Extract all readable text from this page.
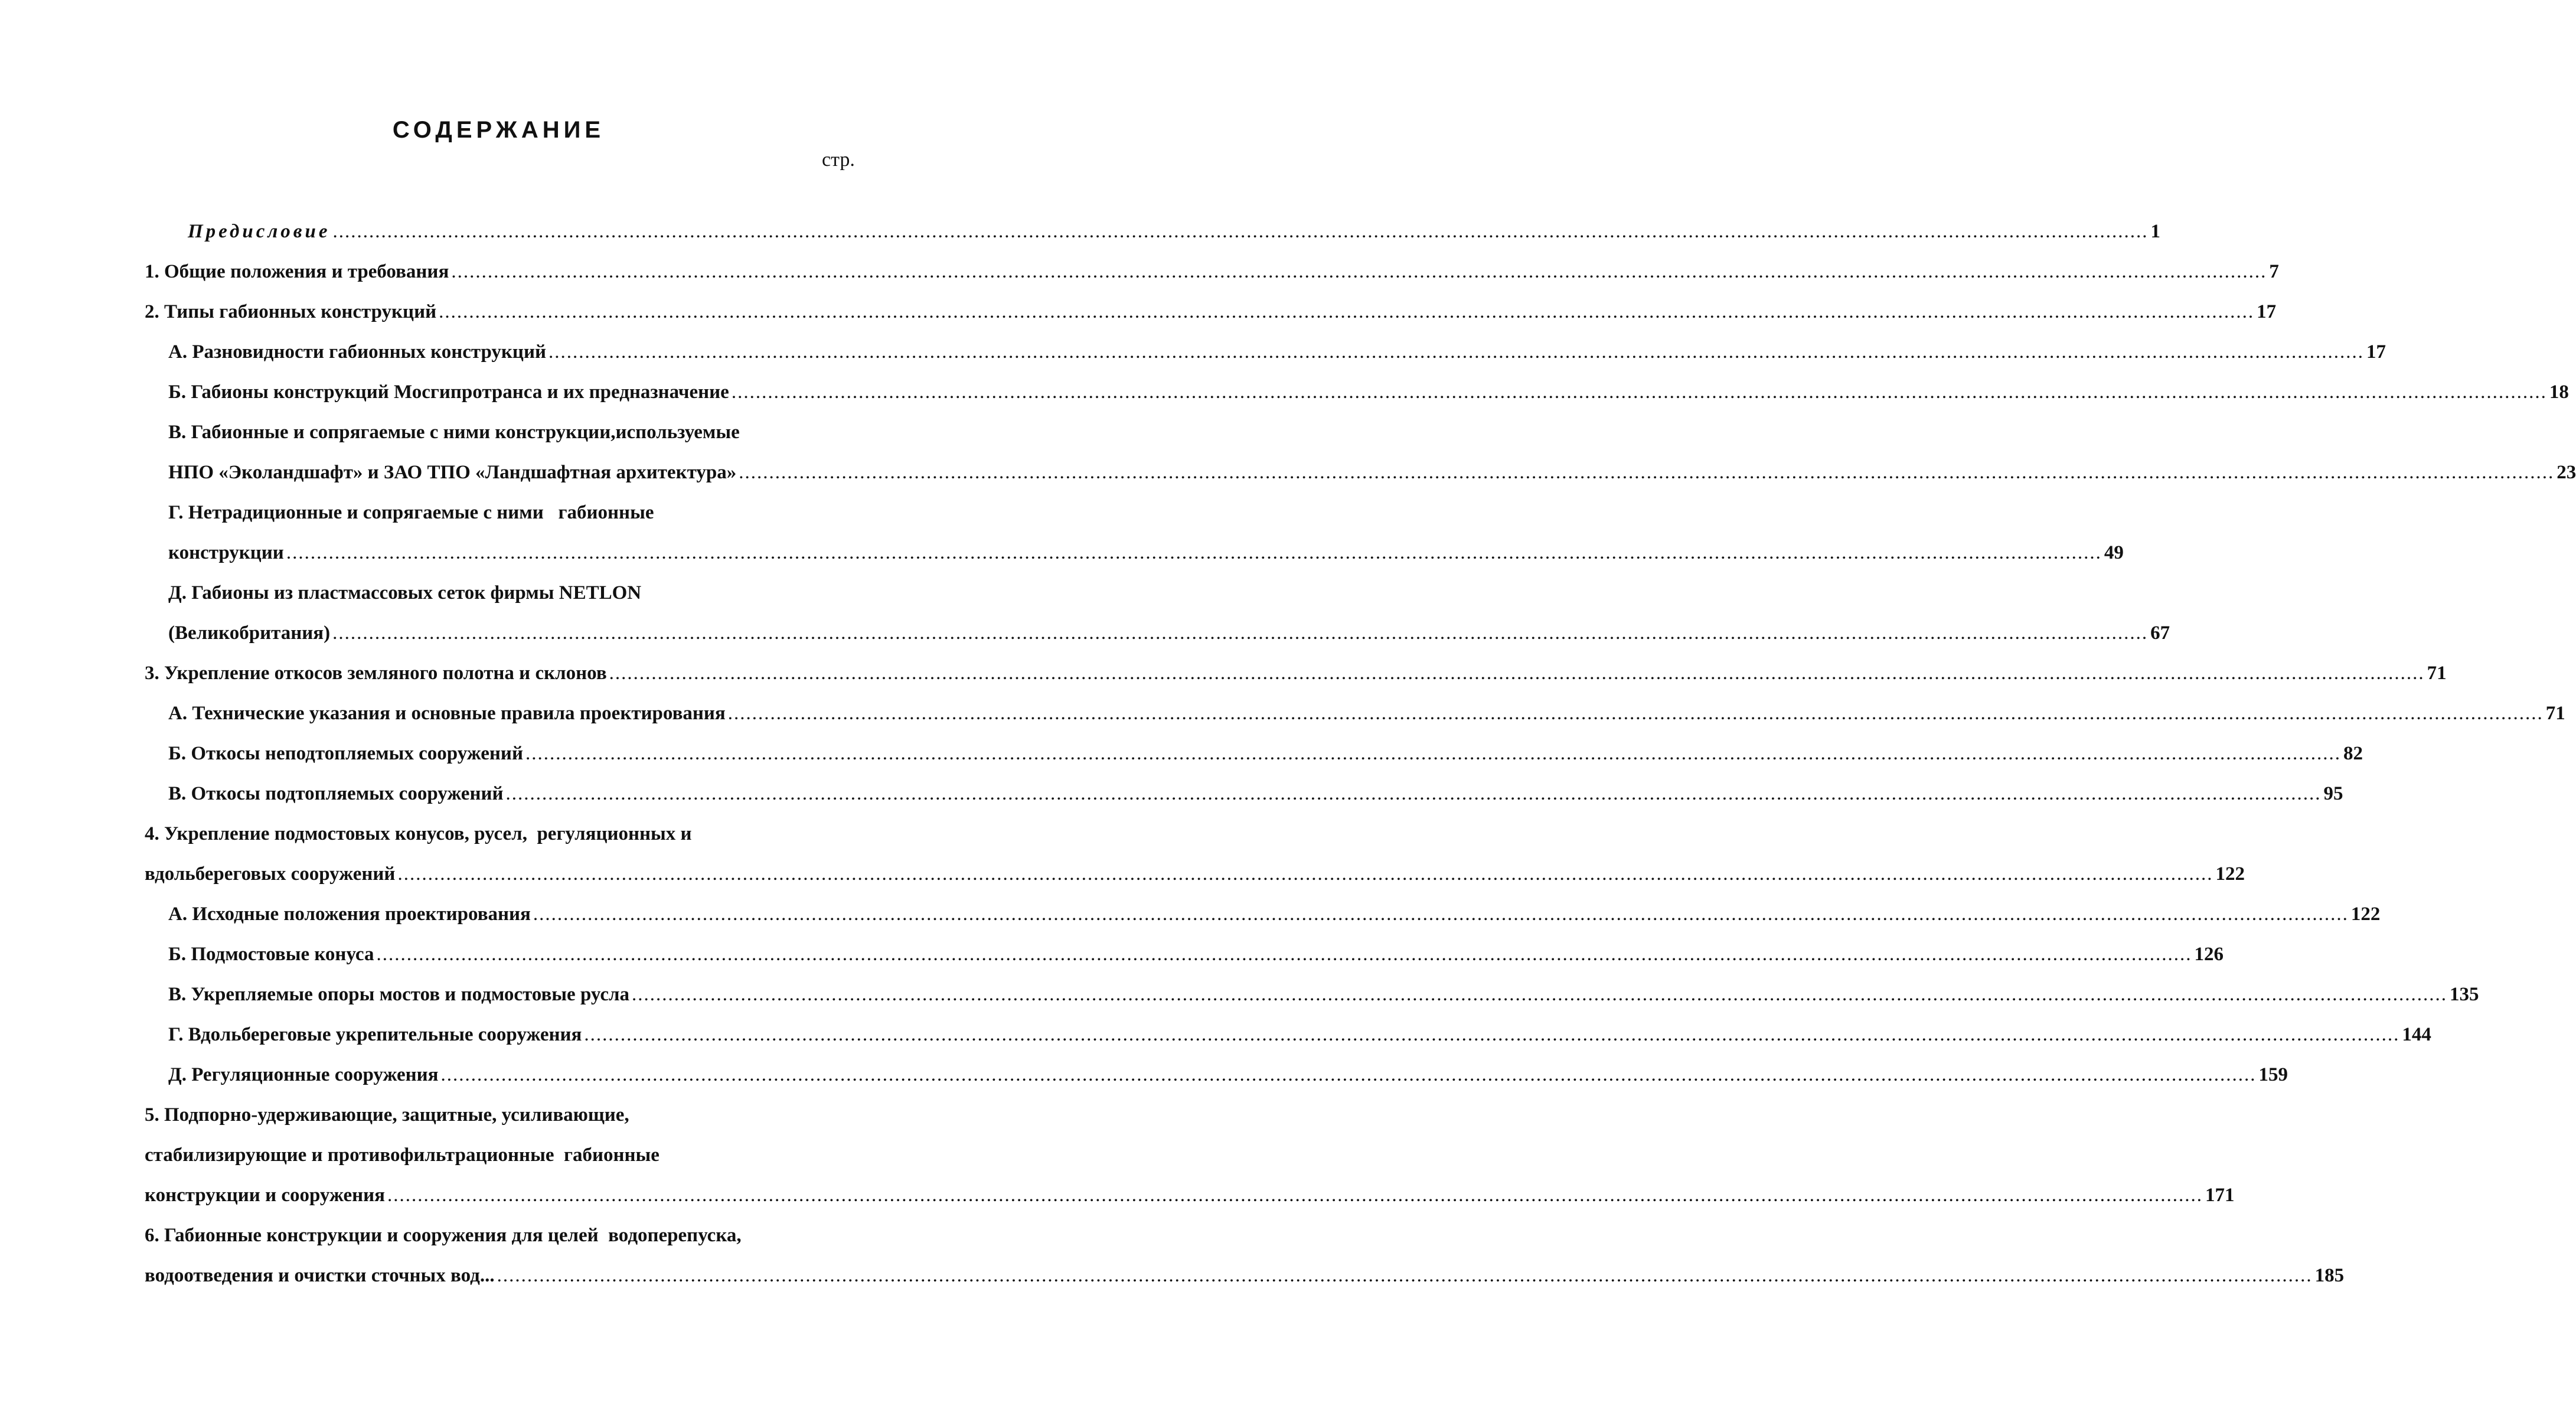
СОДЕРЖАНИЕ
стр.
Предисловие ............................................................................................................................................................................................................................................................................................................ 1
1. Общие положения и требования ............................................................................................................................................................................................................................................................................................................ 7
2. Типы габионных конструкций ............................................................................................................................................................................................................................................................................................................ 17
А. Разновидности габионных конструкций ............................................................................................................................................................................................................................................................................................................ 17
Б. Габионы конструкций Мосгипротранса и их предназначение ............................................................................................................................................................................................................................................................................................................ 18
В. Габионные и сопрягаемые с ними конструкции,используемые
НПО «Эколандшафт» и ЗАО ТПО «Ландшафтная архитектура» ............................................................................................................................................................................................................................................................................................................ 23
Г. Нетрадиционные и сопрягаемые с ними   габионные
конструкции ............................................................................................................................................................................................................................................................................................................ 49
Д. Габионы из пластмассовых сеток фирмы NETLON
(Великобритания) ............................................................................................................................................................................................................................................................................................................ 67
3. Укрепление откосов земляного полотна и склонов ............................................................................................................................................................................................................................................................................................................ 71
А. Технические указания и основные правила проектирования ............................................................................................................................................................................................................................................................................................................ 71
Б. Откосы неподтопляемых сооружений ............................................................................................................................................................................................................................................................................................................ 82
В. Откосы подтопляемых сооружений ............................................................................................................................................................................................................................................................................................................ 95
4. Укрепление подмостовых конусов, русел,  регуляционных и
вдольбереговых сооружений ............................................................................................................................................................................................................................................................................................................ 122
А. Исходные положения проектирования ............................................................................................................................................................................................................................................................................................................ 122
Б. Подмостовые конуса ............................................................................................................................................................................................................................................................................................................ 126
В. Укрепляемые опоры мостов и подмостовые русла ............................................................................................................................................................................................................................................................................................................ 135
Г. Вдольбереговые укрепительные сооружения ............................................................................................................................................................................................................................................................................................................ 144
Д. Регуляционные сооружения ............................................................................................................................................................................................................................................................................................................ 159
5. Подпорно-удерживающие, защитные, усиливающие,
стабилизирующие и противофильтрационные  габионные
конструкции и сооружения ............................................................................................................................................................................................................................................................................................................ 171
6. Габионные конструкции и сооружения для целей  водоперепуска,
водоотведения и очистки сточных вод... ............................................................................................................................................................................................................................................................................................................ 185
